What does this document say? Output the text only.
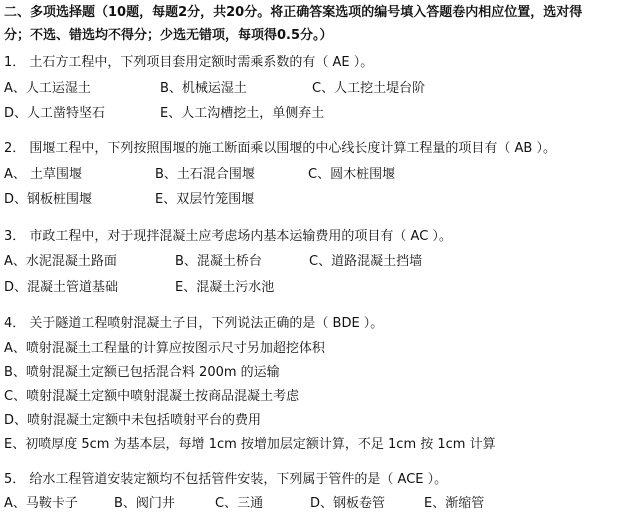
二、多项选择题（10题，每题2分，共20分。将正确答案选项的编号填入答题卷内相应位置，选对得
分；不选、错选均不得分；少选无错项，每项得0.5分。）
1． 土石方工程中，下列项目套用定额时需乘系数的有（ AE ）。
A、人工运湿土	B、机械运湿土	C、人工挖土堤台阶
D、人工凿特坚石	E、人工沟槽挖土，单侧弃土
2． 围堰工程中，下列按照围堰的施工断面乘以围堰的中心线长度计算工程量的项目有（ AB ）。
A、 土草围堰	B、土石混合围堰	C、圆木桩围堰
D、钢板桩围堰	E、双层竹笼围堰
3． 市政工程中，对于现拌混凝土应考虑场内基本运输费用的项目有（ AC ）。
A、水泥混凝土路面	B、混凝土桥台	C、道路混凝土挡墙
D、混凝土管道基础	E、混凝土污水池
4． 关于隧道工程喷射混凝土子目，下列说法正确的是（ BDE ）。
A、喷射混凝土工程量的计算应按图示尺寸另加超挖体积
B、喷射混凝土定额已包括混合料 200m 的运输
C、喷射混凝土定额中喷射混凝土按商品混凝土考虑
D、喷射混凝土定额中未包括喷射平台的费用
E、初喷厚度 5cm 为基本层，每增 1cm 按增加层定额计算，不足 1cm 按 1cm 计算
5． 给水工程管道安装定额均不包括管件安装，下列属于管件的是（ ACE ）。
A、马鞍卡子	B、阀门井	C、三通	D、钢板卷管	E、渐缩管
